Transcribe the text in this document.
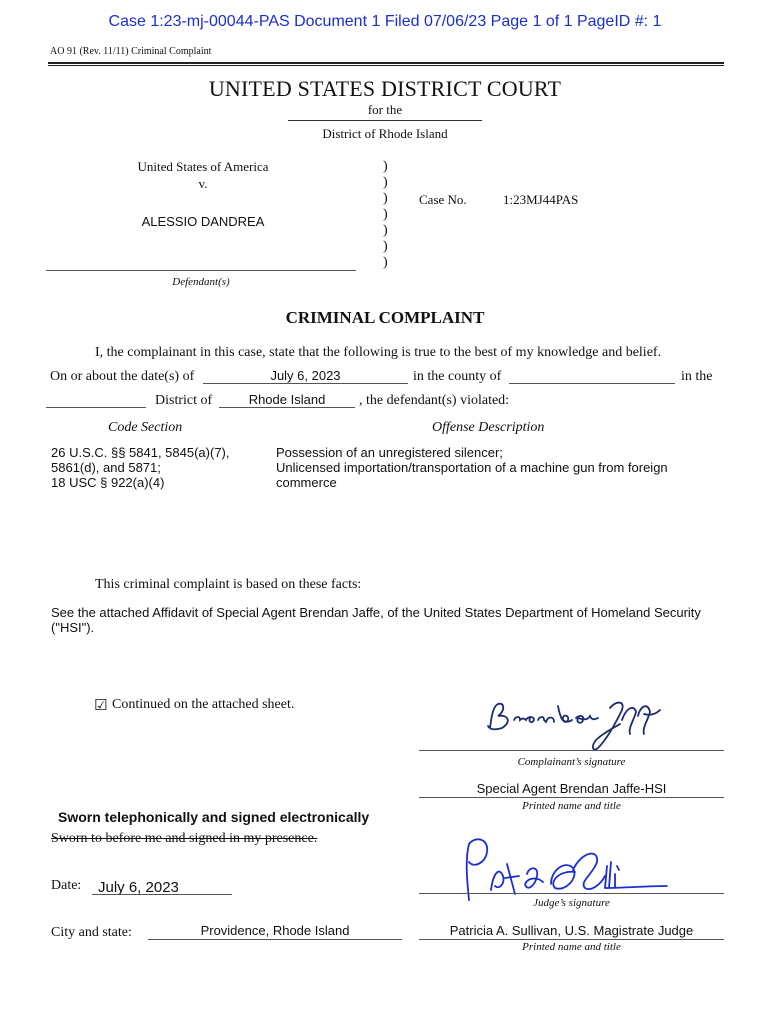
Case 1:23-mj-00044-PAS Document 1 Filed 07/06/23 Page 1 of 1 PageID #: 1
AO 91 (Rev. 11/11) Criminal Complaint
UNITED STATES DISTRICT COURT
for the
District of Rhode Island
United States of America
v.
ALESSIO DANDREA
Defendant(s)
)
)
)
)
)
)
)
Case No.	1:23MJ44PAS
CRIMINAL COMPLAINT
I, the complainant in this case, state that the following is true to the best of my knowledge and belief.
On or about the date(s) of	July 6, 2023	in the county of	in the
District of	Rhode Island	, the defendant(s) violated:
Code Section	Offense Description
26 U.S.C. §§ 5841, 5845(a)(7),
5861(d), and 5871;
18 USC § 922(a)(4)
Possession of an unregistered silencer;
Unlicensed importation/transportation of a machine gun from foreign
commerce
This criminal complaint is based on these facts:
See the attached Affidavit of Special Agent Brendan Jaffe, of the United States Department of Homeland Security
("HSI").
☑ Continued on the attached sheet.
Complainant’s signature
Special Agent Brendan Jaffe-HSI
Printed name and title
Sworn telephonically and signed electronically
Sworn to before me and signed in my presence.
Date: July 6, 2023
Judge’s signature
City and state:	Providence, Rhode Island	Patricia A. Sullivan, U.S. Magistrate Judge
Printed name and title
